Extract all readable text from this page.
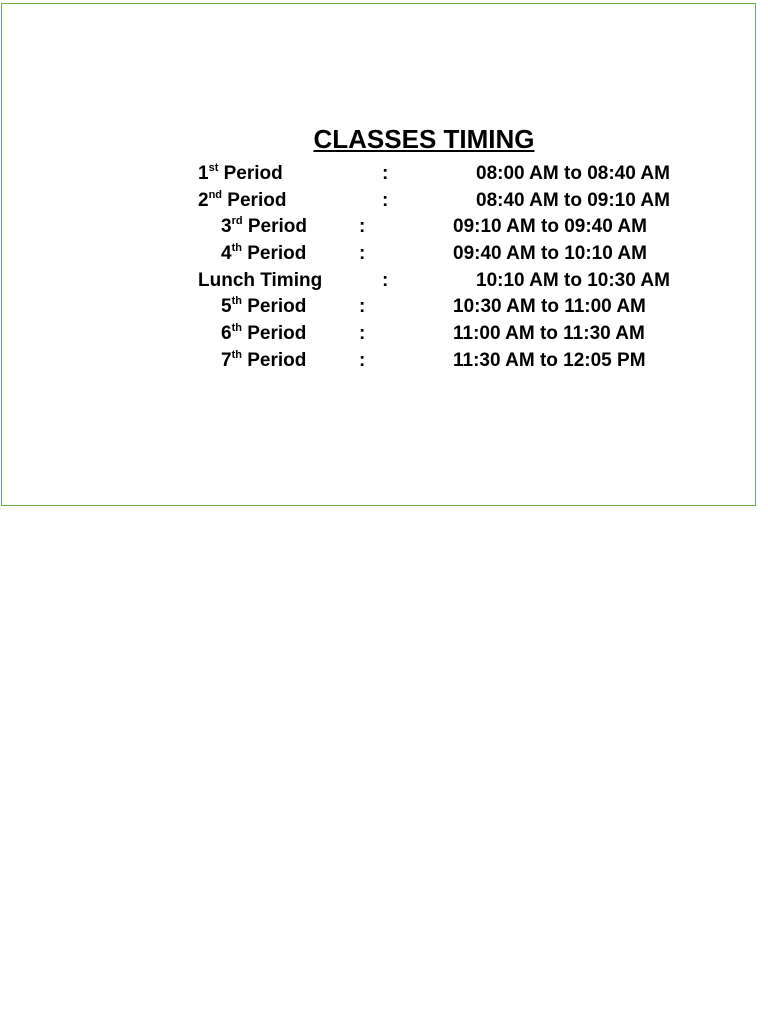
CLASSES TIMING
1st Period	:	08:00 AM to 08:40 AM
2nd Period	:	08:40 AM to 09:10 AM
3rd Period	:	09:10 AM to 09:40 AM
4th Period	:	09:40 AM to 10:10 AM
Lunch Timing	:	10:10 AM to 10:30 AM
5th Period	:	10:30 AM to 11:00 AM
6th Period	:	11:00 AM to 11:30 AM
7th Period	:	11:30 AM to 12:05 PM
